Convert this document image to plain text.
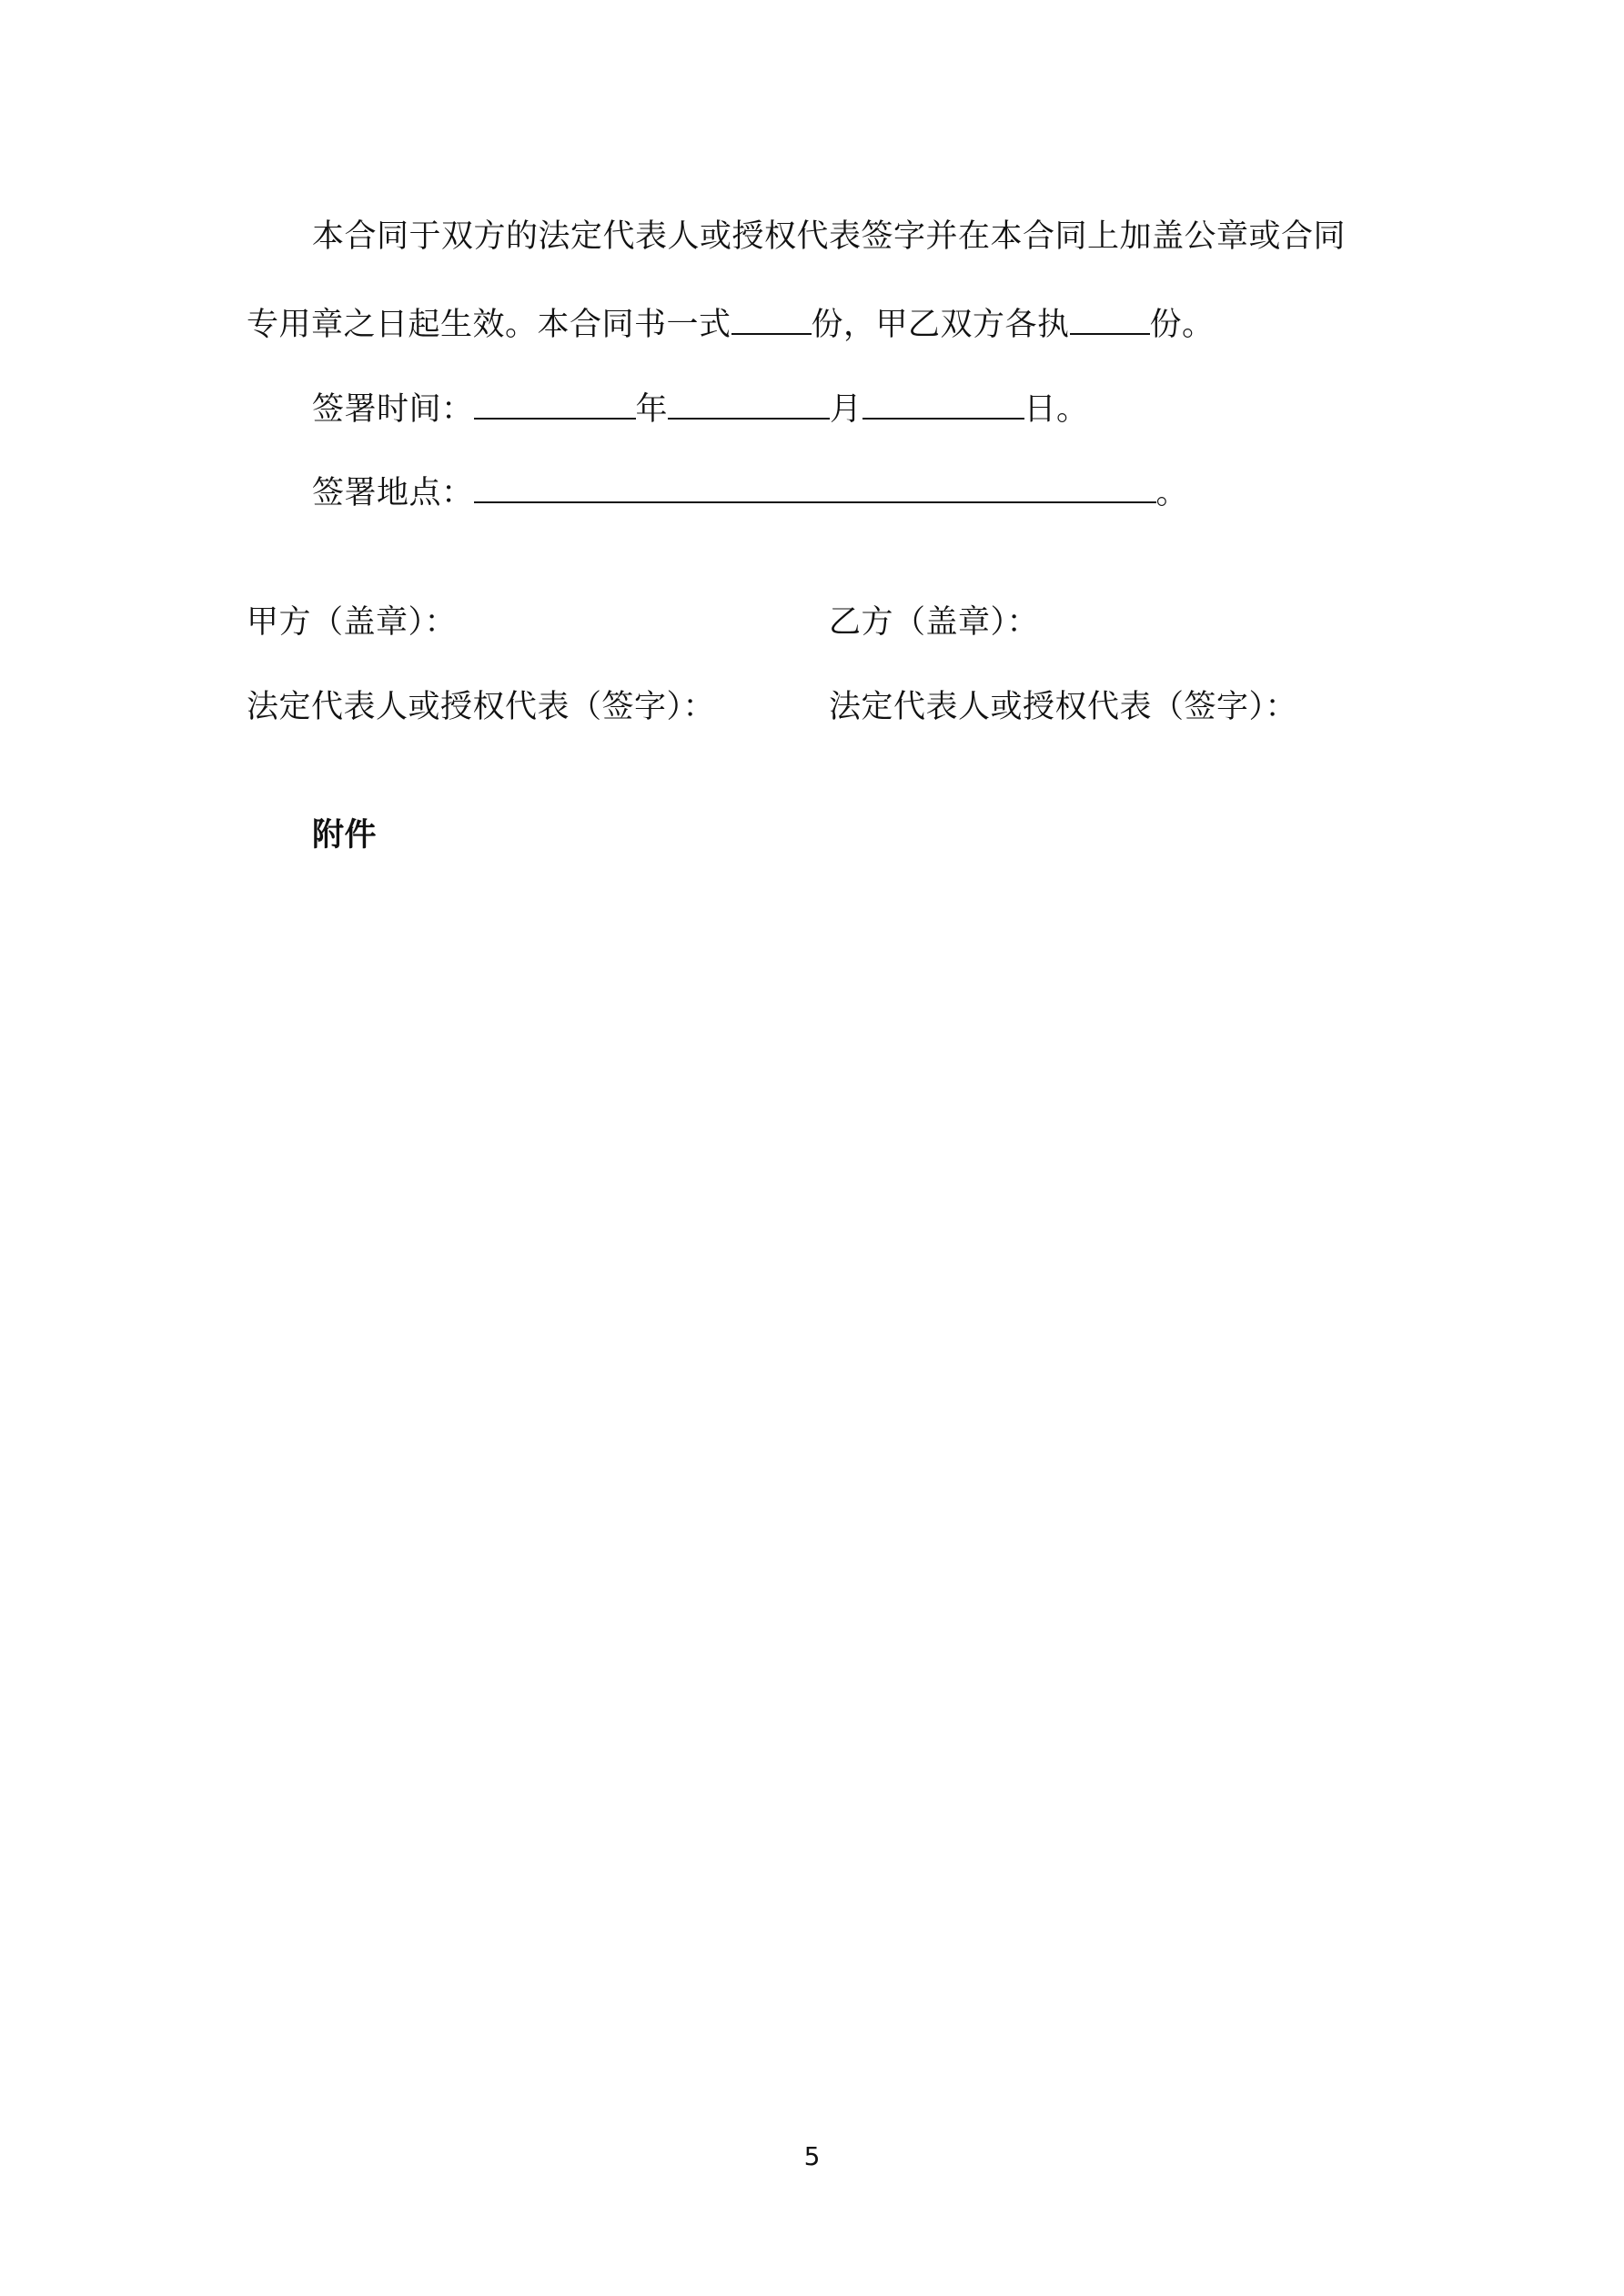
本合同于双方的法定代表人或授权代表签字并在本合同上加盖公章或合同
专用章之日起生效。本合同书一式	份，甲乙双方各执	份。
签署时间：	年	月	日。
签署地点：	。
甲方（盖章）：	乙方（盖章）：
法定代表人或授权代表（签字）：	法定代表人或授权代表（签字）：
附件
5
